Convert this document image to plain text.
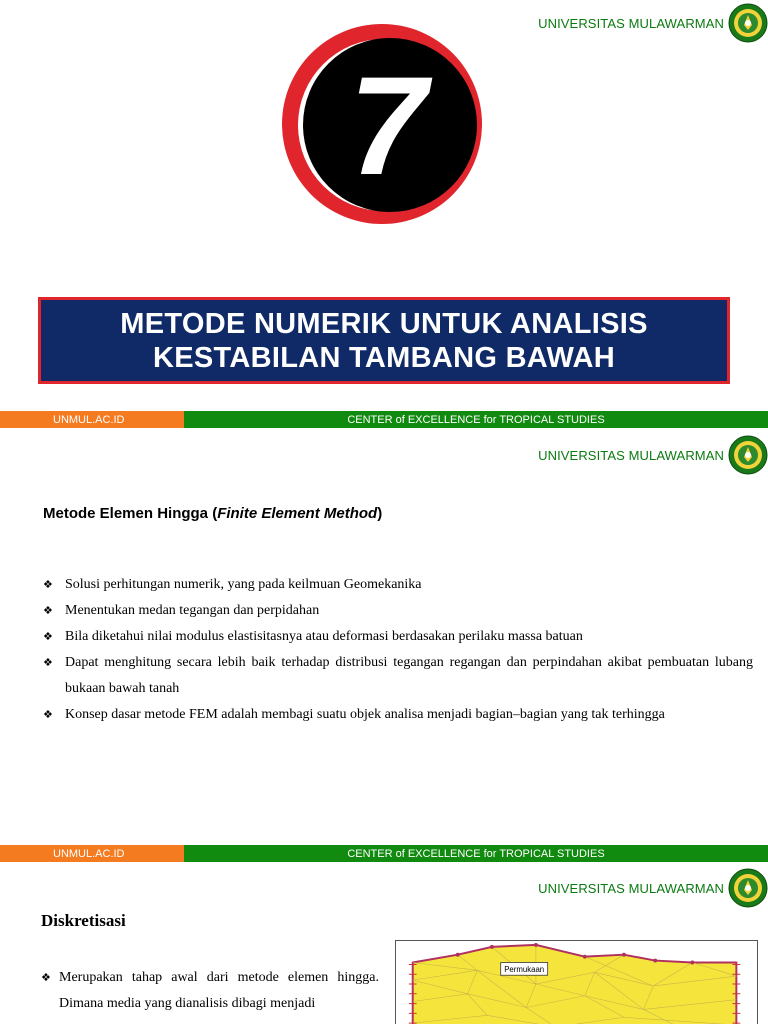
UNIVERSITAS MULAWARMAN
7
METODE NUMERIK UNTUK ANALISIS
KESTABILAN TAMBANG BAWAH
UNMUL.AC.ID	CENTER of EXCELLENCE for TROPICAL STUDIES
UNIVERSITAS MULAWARMAN
Metode Elemen Hingga (Finite Element Method)
❖ Solusi perhitungan numerik, yang pada keilmuan Geomekanika
❖ Menentukan medan tegangan dan perpidahan
❖ Bila diketahui nilai modulus elastisitasnya atau deformasi berdasakan perilaku massa batuan
❖ Dapat menghitung secara lebih baik terhadap distribusi tegangan regangan dan perpindahan akibat pembuatan lubang bukaan bawah tanah
❖ Konsep dasar metode FEM adalah membagi suatu objek analisa menjadi bagian–bagian yang tak terhingga
UNMUL.AC.ID	CENTER of EXCELLENCE for TROPICAL STUDIES
UNIVERSITAS MULAWARMAN
Diskretisasi
❖ Merupakan tahap awal dari metode elemen hingga. Dimana media yang dianalisis dibagi menjadi
Permukaan
